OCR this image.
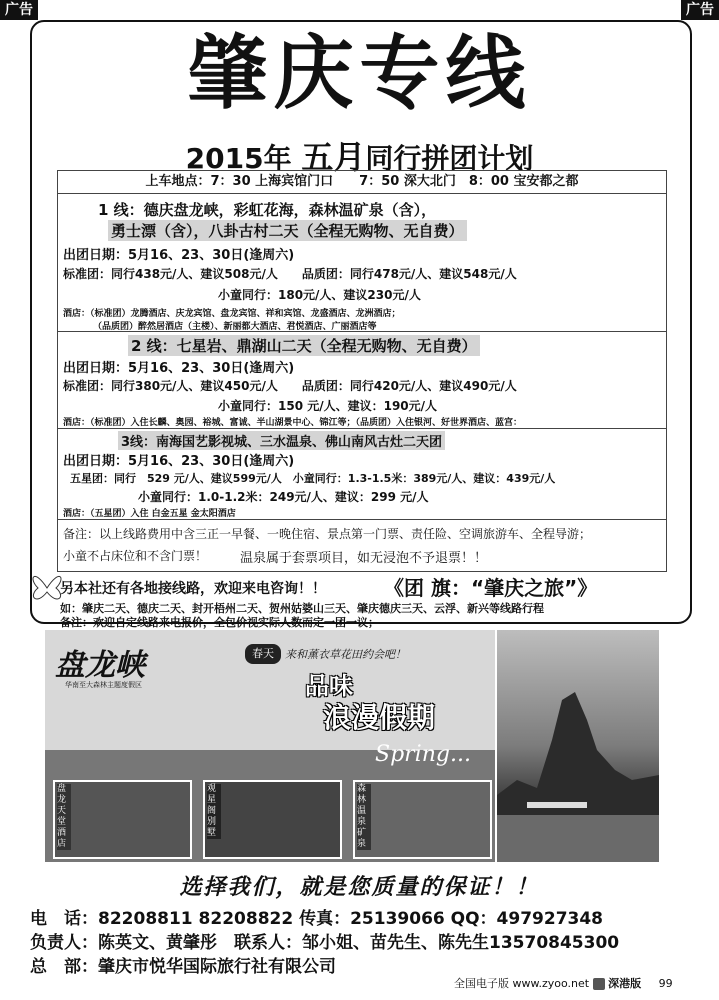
广告	广告
肇庆专线
2015年 五月同行拼团计划
上车地点：7：30 上海宾馆门口　　7：50 深大北门　8：00 宝安都之都
1 线：德庆盘龙峡，彩虹花海，森林温矿泉（含），
勇士漂（含），八卦古村二天（全程无购物、无自费）
出团日期：5月16、23、30日(逢周六)
标准团：同行438元/人、建议508元/人　　品质团：同行478元/人、建议548元/人
小童同行：180元/人、建议230元/人
酒店：（标准团）龙腾酒店、庆龙宾馆、盘龙宾馆、祥和宾馆、龙盛酒店、龙洲酒店；
（品质团）醉然居酒店（主楼）、新丽都大酒店、君悦酒店、广丽酒店等
2 线：七星岩、鼎湖山二天（全程无购物、无自费）
出团日期：5月16、23、30日(逢周六)
标准团：同行380元/人、建议450元/人　　品质团：同行420元/人、建议490元/人
小童同行：150 元/人、建议：190元/人
酒店：（标准团）入住长麟、奥园、裕城、富诚、半山湖景中心、锦江等；（品质团）入住银河、好世界酒店、蓝宫：
3线：南海国艺影视城、三水温泉、佛山南风古灶二天团
出团日期：5月16、23、30日(逢周六)
五星团：同行　529 元/人、建议599元/人　小童同行：1.3-1.5米：389元/人、建议：439元/人
小童同行：1.0-1.2米：249元/人、建议：299 元/人
酒店：（五星团）入住 白金五星 金太阳酒店
备注：以上线路费用中含三正一早餐、一晚住宿、景点第一门票、责任险、空调旅游车、全程导游；
小童不占床位和不含门票！	温泉属于套票项目，如无浸泡不予退票！！
另本社还有各地接线路，欢迎来电咨询！！	《团 旗：“肇庆之旅”》
如：肇庆二天、德庆二天、封开梧州二天、贺州姑婆山三天、肇庆德庆三天、云浮、新兴等线路行程
备注：欢迎自定线路来电报价，全包价视实际人数而定一团一议；
盘龙峡
华南至大森林主题度假区
春天	来和薰衣草花田约会吧！
品味
浪漫假期
Spring...
盘龙天堂酒店
观星阁别墅
森林温泉矿泉
选择我们，就是您质量的保证！！
电　话：82208811 82208822 传真：25139066 QQ：497927348
负责人：陈英文、黄肇彤　联系人：邹小姐、苗先生、陈先生13570845300
总　部：肇庆市悦华国际旅行社有限公司
全国电子版 www.zyoo.net 深港版 99
